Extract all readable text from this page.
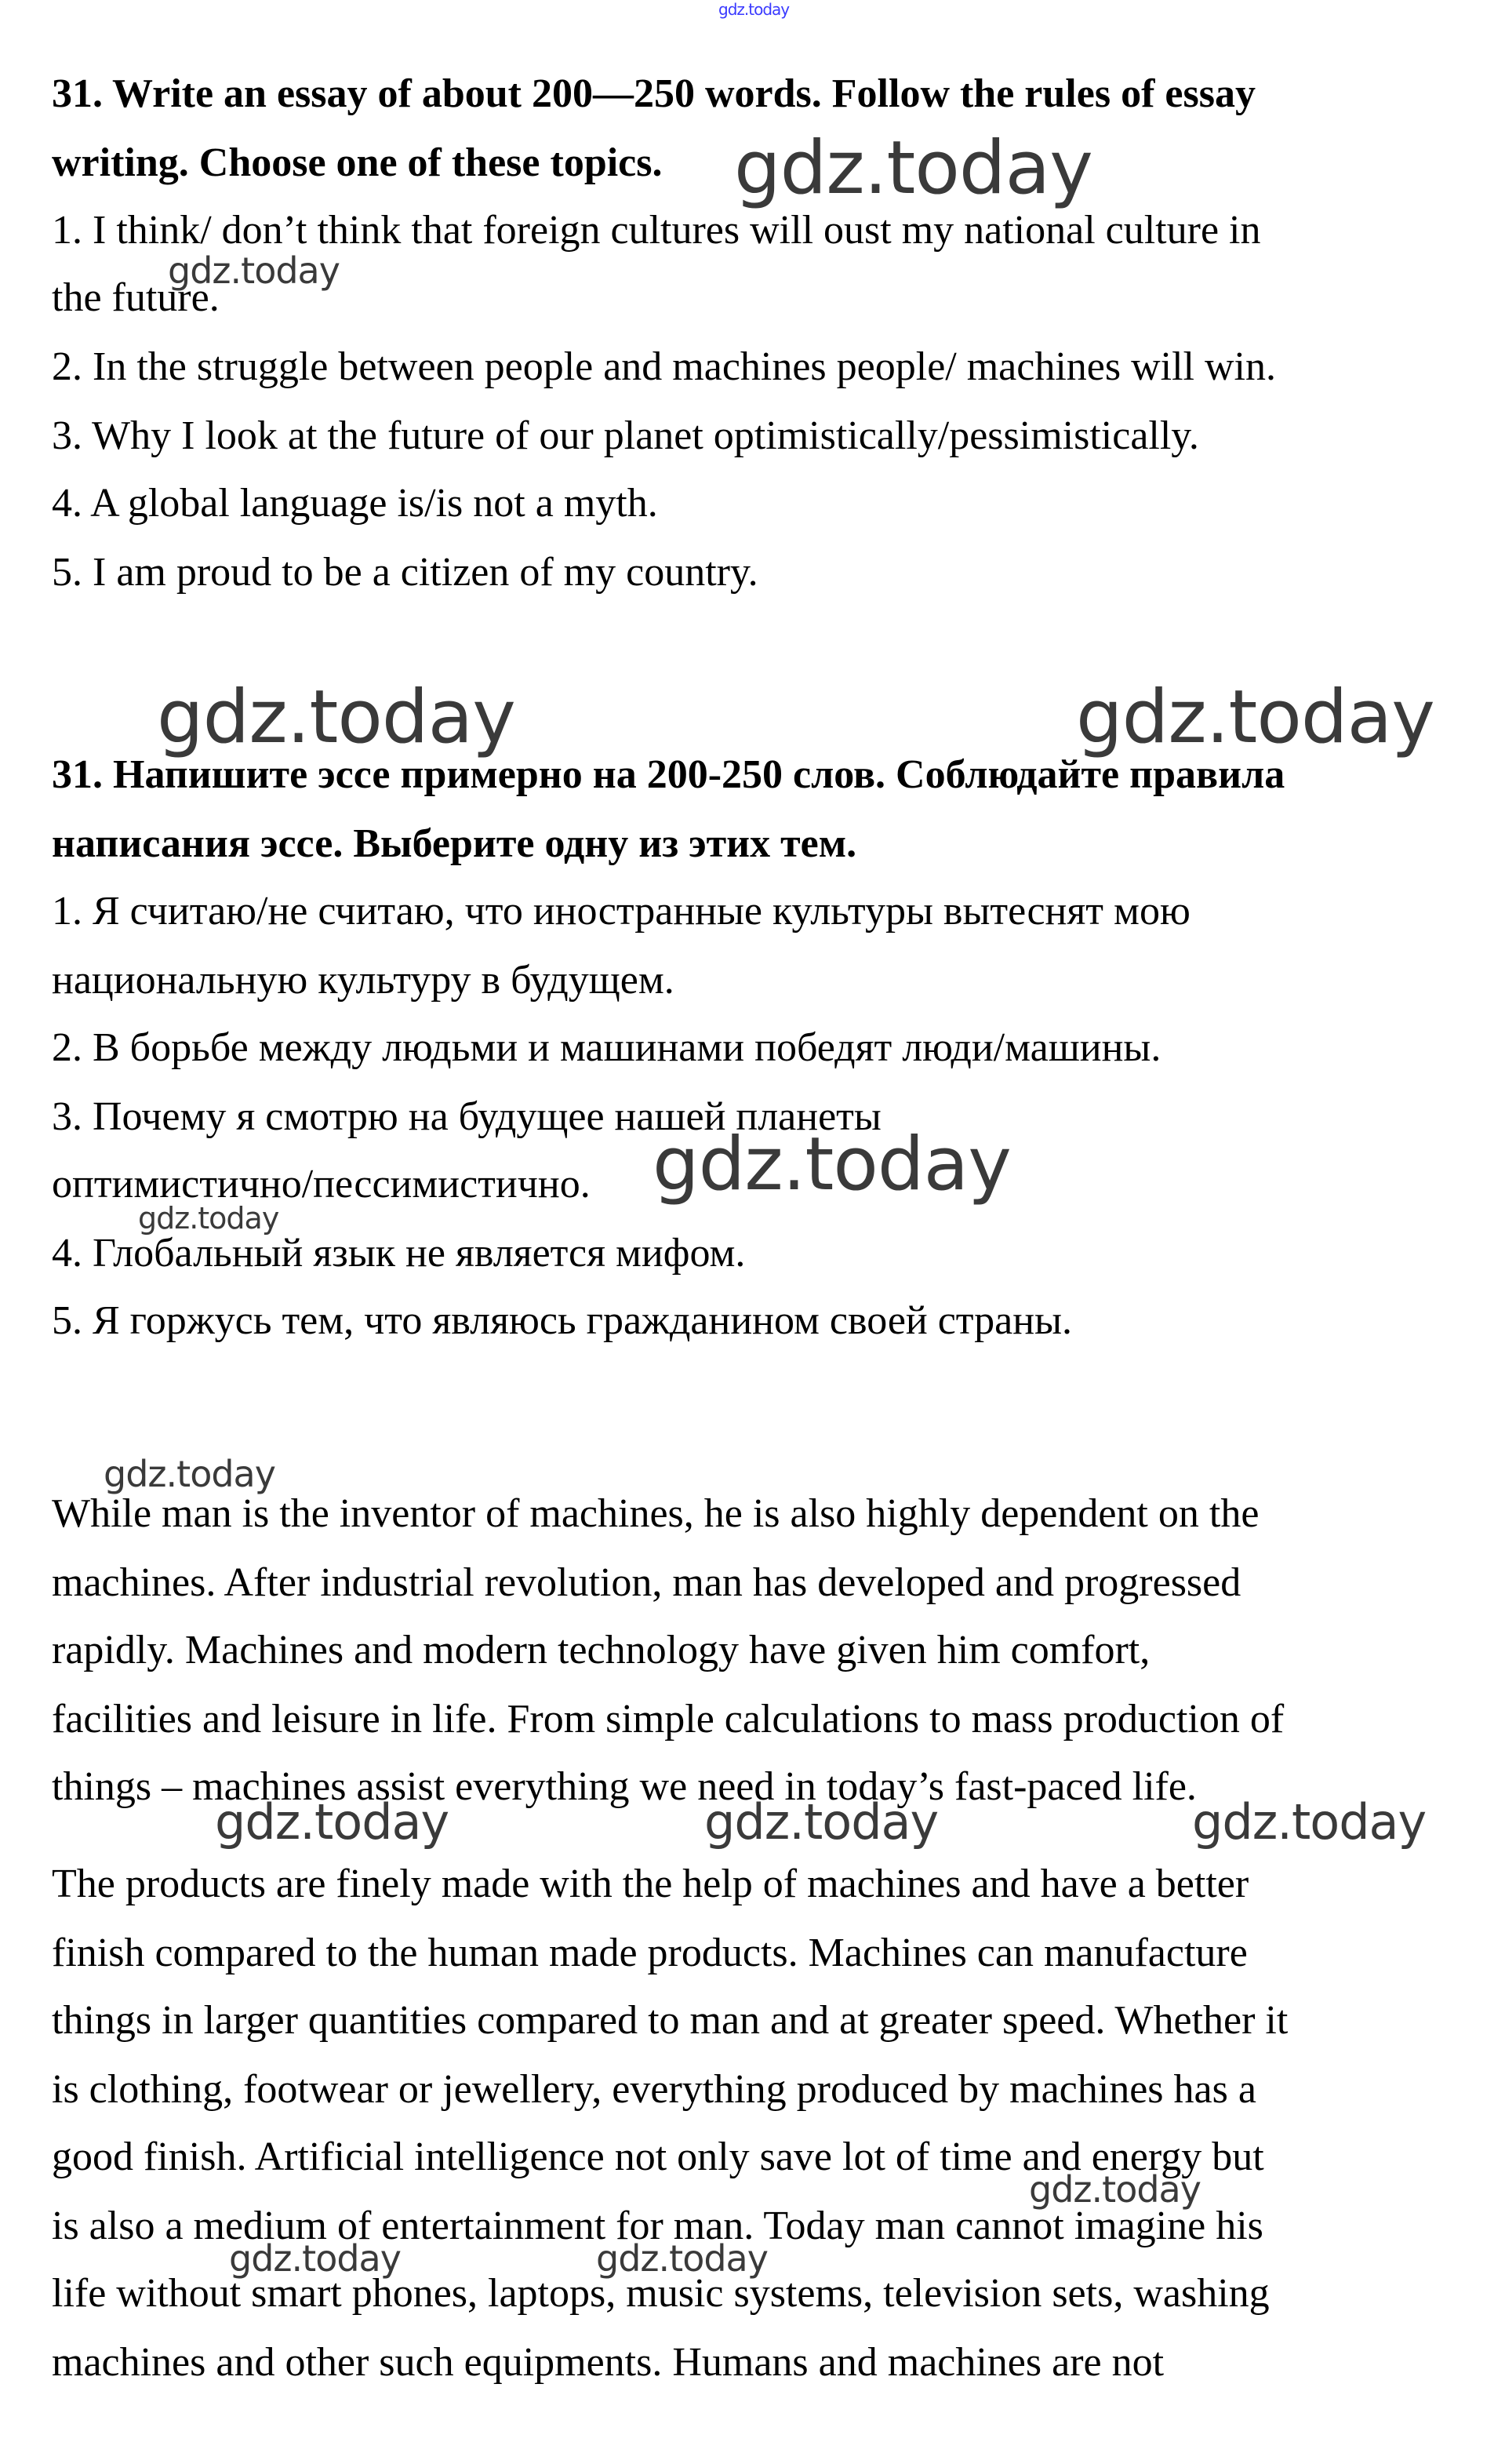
31. Write an essay of about 200—250 words. Follow the rules of essay
writing. Choose one of these topics.
1. I think/ don’t think that foreign cultures will oust my national culture in
the future.
2. In the struggle between people and machines people/ machines will win.
3. Why I look at the future of our planet optimistically/pessimistically.
4. A global language is/is not a myth.
5. I am proud to be a citizen of my country.
31. Напишите эссе примерно на 200-250 слов. Соблюдайте правила
написания эссе. Выберите одну из этих тем.
1. Я считаю/не считаю, что иностранные культуры вытеснят мою
национальную культуру в будущем.
2. В борьбе между людьми и машинами победят люди/машины.
3. Почему я смотрю на будущее нашей планеты
оптимистично/пессимистично.
4. Глобальный язык не является мифом.
5. Я горжусь тем, что являюсь гражданином своей страны.
While man is the inventor of machines, he is also highly dependent on the
machines. After industrial revolution, man has developed and progressed
rapidly. Machines and modern technology have given him comfort,
facilities and leisure in life. From simple calculations to mass production of
things – machines assist everything we need in today’s fast-paced life.
The products are finely made with the help of machines and have a better
finish compared to the human made products. Machines can manufacture
things in larger quantities compared to man and at greater speed. Whether it
is clothing, footwear or jewellery, everything produced by machines has a
good finish. Artificial intelligence not only save lot of time and energy but
is also a medium of entertainment for man. Today man cannot imagine his
life without smart phones, laptops, music systems, television sets, washing
machines and other such equipments. Humans and machines are not
gdz.today
gdz.today
gdz.today
gdz.today	gdz.today
gdz.today
gdz.today
gdz.today
gdz.today	gdz.today	gdz.today
gdz.today
gdz.today	gdz.today
